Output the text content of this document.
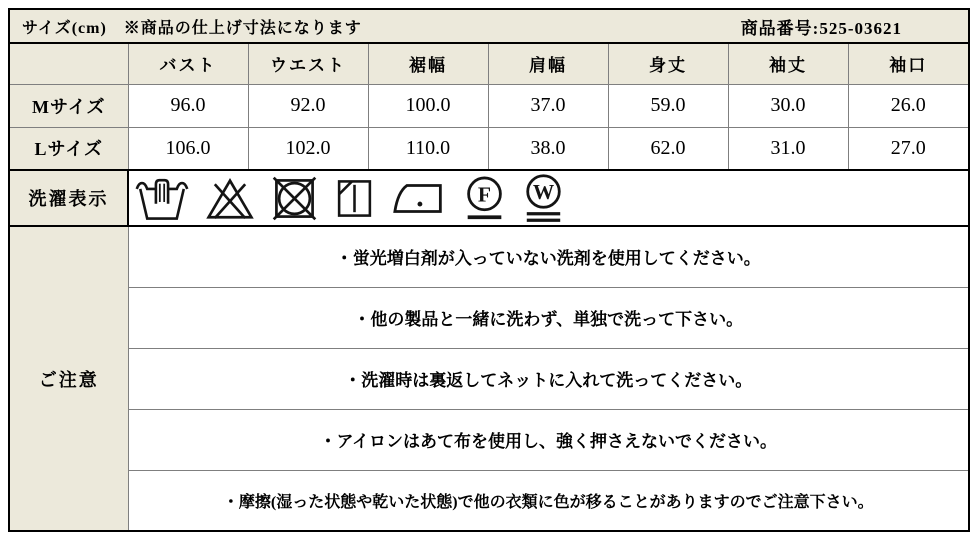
サイズ(cm)　※商品の仕上げ寸法になります 商品番号:525-03621							

	バスト	ウエスト	裾幅	肩幅	身丈	袖丈	袖口
Mサイズ	96.0	92.0	100.0	37.0	59.0	30.0	26.0
Lサイズ	106.0	102.0	110.0	38.0	62.0	31.0	27.0
洗濯表示	

ご注意	・蛍光増白剤が入っていない洗剤を使用してください。						
	・他の製品と一緒に洗わず、単独で洗って下さい。						
	・洗濯時は裏返してネットに入れて洗ってください。						
	・アイロンはあて布を使用し、強く押さえないでください。						
	・摩擦(湿った状態や乾いた状態)で他の衣類に色が移ることがありますのでご注意下さい。						
